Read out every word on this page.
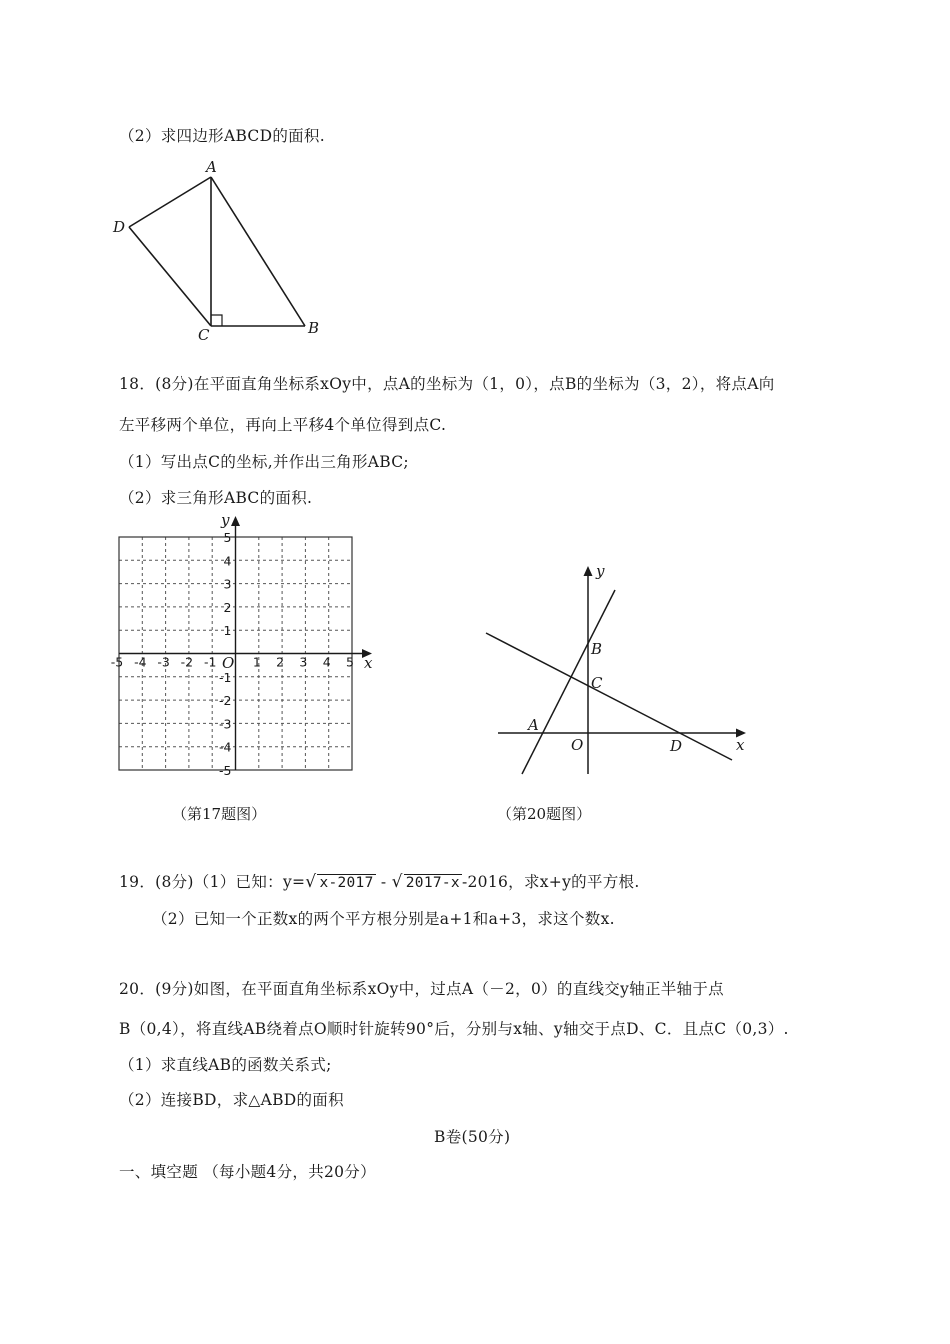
（2）求四边形ABCD的面积.
A
D
C	B
18．(8分)在平面直角坐标系xOy中，点A的坐标为（1，0），点B的坐标为（3，2），将点A向
左平移两个单位，再向上平移4个单位得到点C.
（1）写出点C的坐标,并作出三角形ABC;
（2）求三角形ABC的面积.
-5 -4 -3 -2 -1	1 2 3 4 5
5
4
3
2
1
-1
-2
-3
-4
-5
x
y
O
（第17题图）
y
x
B
C
A
O	D
（第20题图）
19．(8分)（1）已知：y=√ x-2017 - √ 2017-x -2016，求x+y的平方根.
（2）已知一个正数x的两个平方根分别是a+1和a+3，求这个数x.
20．(9分)如图，在平面直角坐标系xOy中，过点A（－2，0）的直线交y轴正半轴于点
B（0,4），将直线AB绕着点O顺时针旋转90°后，分别与x轴、y轴交于点D、C．且点C（0,3）.
（1）求直线AB的函数关系式;
（2）连接BD，求△ABD的面积
B卷(50分)
一、填空题 （每小题4分，共20分）
